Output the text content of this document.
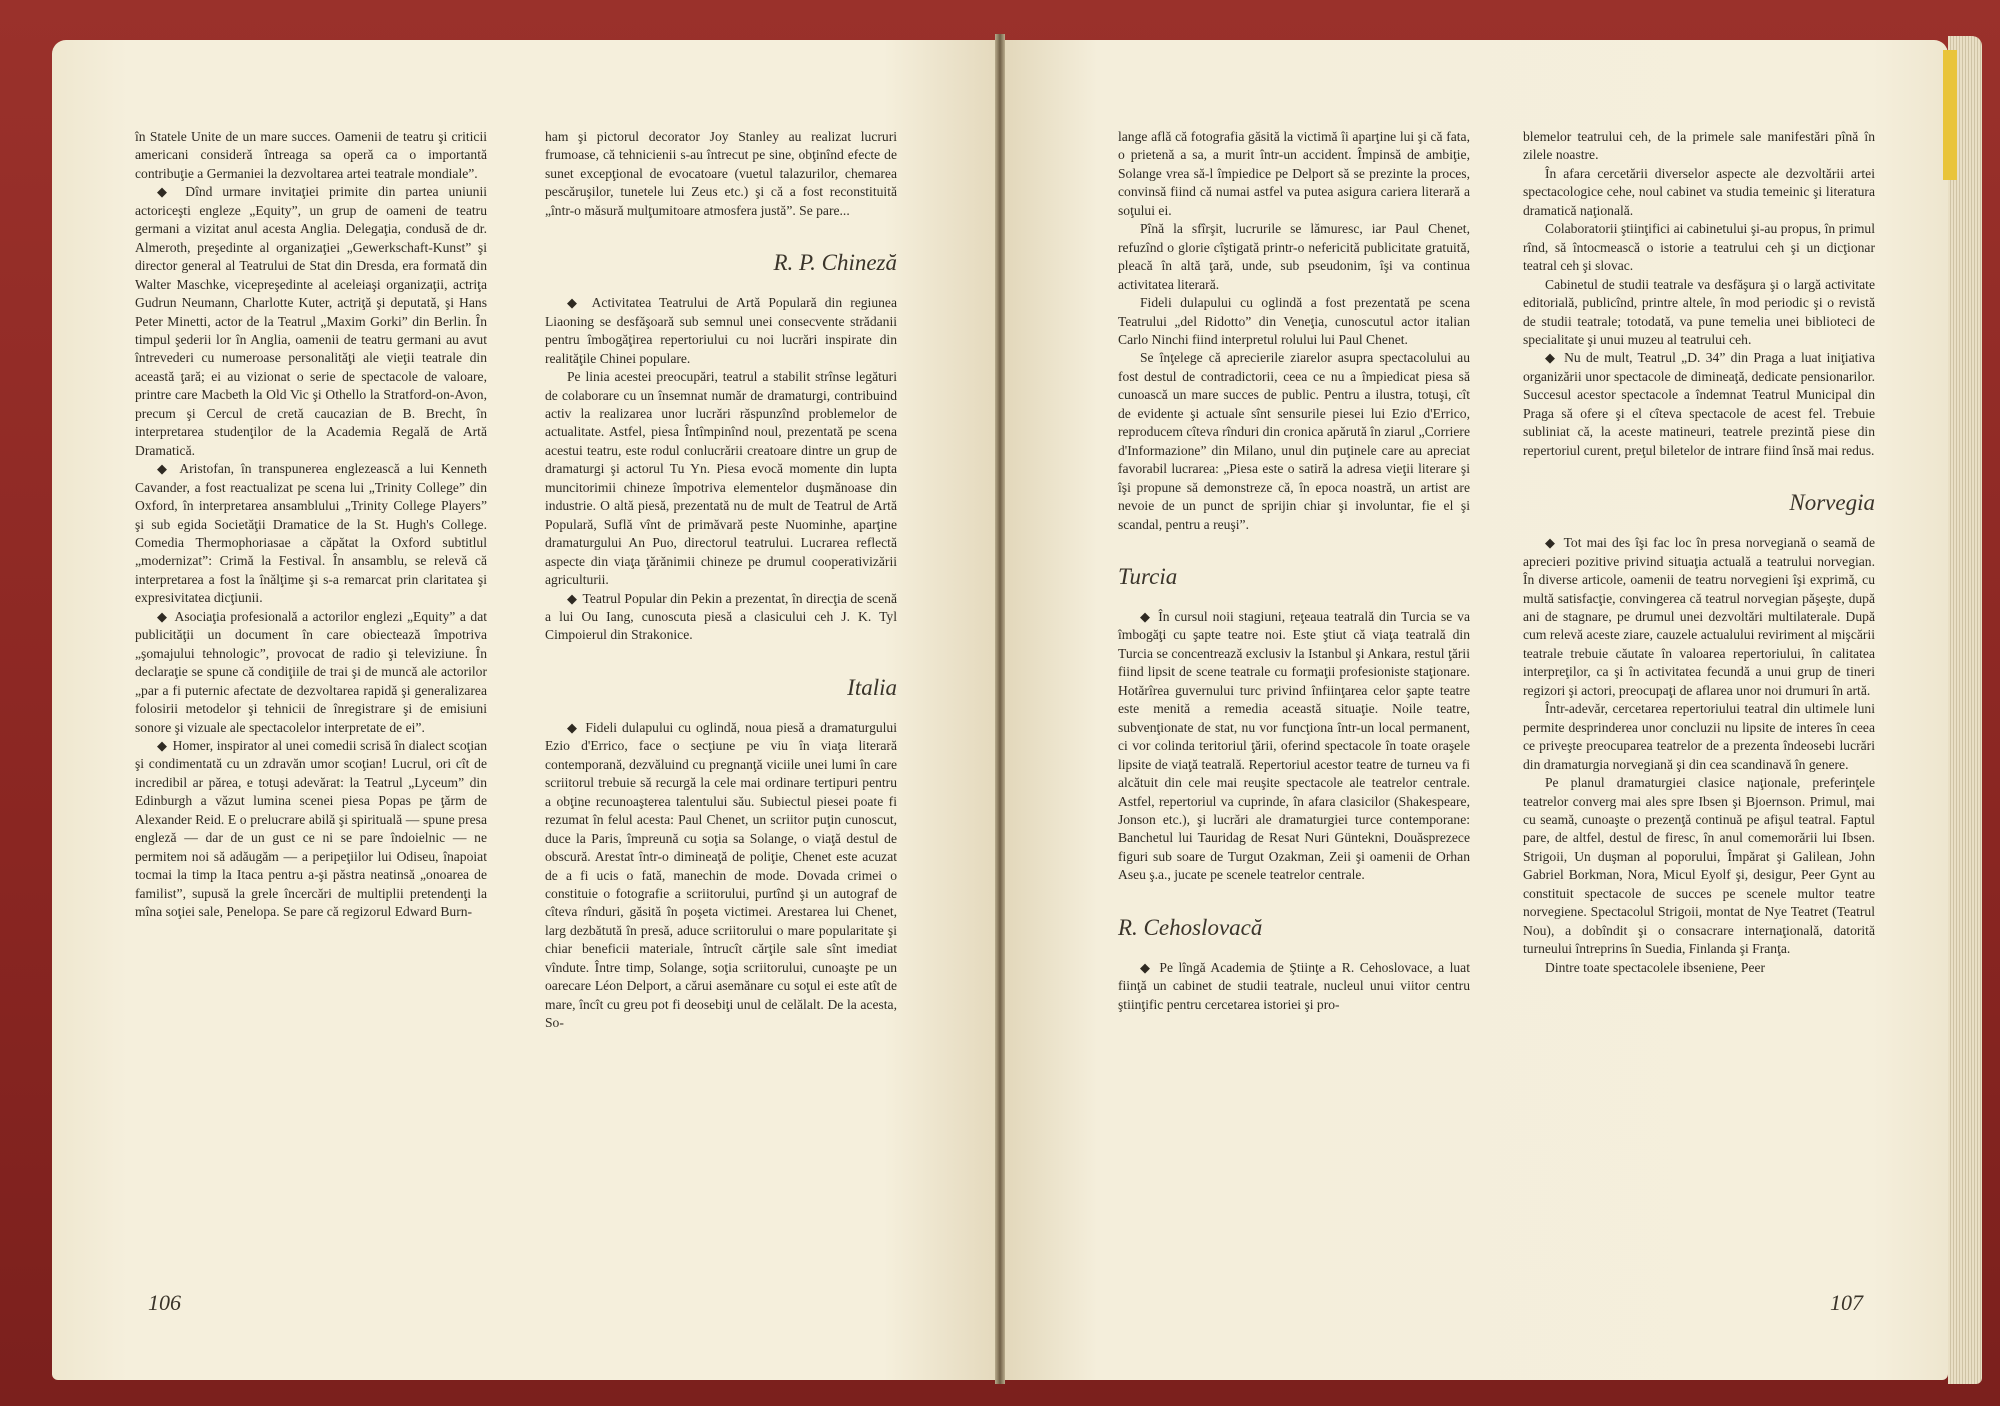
în Statele Unite de un mare succes. Oamenii de teatru şi criticii americani consideră întreaga sa operă ca o importantă contribuţie a Germaniei la dezvoltarea artei teatrale mondiale”.

◆ Dînd urmare invitaţiei primite din partea uniunii actoriceşti engleze „Equity”, un grup de oameni de teatru germani a vizitat anul acesta Anglia. Delegaţia, condusă de dr. Almeroth, preşedinte al organizaţiei „Gewerkschaft-Kunst” şi director general al Teatrului de Stat din Dresda, era formată din Walter Maschke, vicepreşedinte al aceleiaşi organizaţii, actriţa Gudrun Neumann, Charlotte Kuter, actriţă şi deputată, şi Hans Peter Minetti, actor de la Teatrul „Maxim Gorki” din Berlin. În timpul şederii lor în Anglia, oamenii de teatru germani au avut întrevederi cu numeroase personalităţi ale vieţii teatrale din această ţară; ei au vizionat o serie de spectacole de valoare, printre care Macbeth la Old Vic şi Othello la Stratford-on-Avon, precum şi Cercul de cretă caucazian de B. Brecht, în interpretarea studenţilor de la Academia Regală de Artă Dramatică.

◆ Aristofan, în transpunerea englezească a lui Kenneth Cavander, a fost reactualizat pe scena lui „Trinity College” din Oxford, în interpretarea ansamblului „Trinity College Players” şi sub egida Societăţii Dramatice de la St. Hugh's College. Comedia Thermophoriasae a căpătat la Oxford subtitlul „modernizat”: Crimă la Festival. În ansamblu, se relevă că interpretarea a fost la înălţime şi s-a remarcat prin claritatea şi expresivitatea dicţiunii.

◆ Asociaţia profesională a actorilor englezi „Equity” a dat publicităţii un document în care obiectează împotriva „şomajului tehnologic”, provocat de radio şi televiziune. În declaraţie se spune că condiţiile de trai şi de muncă ale actorilor „par a fi puternic afectate de dezvoltarea rapidă şi generalizarea folosirii metodelor şi tehnicii de înregistrare şi de emisiuni sonore şi vizuale ale spectacolelor interpretate de ei”.

◆ Homer, inspirator al unei comedii scrisă în dialect scoţian şi condimentată cu un zdravăn umor scoţian! Lucrul, ori cît de incredibil ar părea, e totuşi adevărat: la Teatrul „Lyceum” din Edinburgh a văzut lumina scenei piesa Popas pe ţărm de Alexander Reid. E o prelucrare abilă şi spirituală — spune presa engleză — dar de un gust ce ni se pare îndoielnic — ne permitem noi să adăugăm — a peripeţiilor lui Odiseu, înapoiat tocmai la timp la Itaca pentru a-şi păstra neatinsă „onoarea de familist”, supusă la grele încercări de multiplii pretendenţi la mîna soţiei sale, Penelopa. Se pare că regizorul Edward Burn-

ham şi pictorul decorator Joy Stanley au realizat lucruri frumoase, că tehnicienii s-au întrecut pe sine, obţinînd efecte de sunet excepţional de evocatoare (vuetul talazurilor, chemarea pescăruşilor, tunetele lui Zeus etc.) şi că a fost reconstituită „într-o măsură mulţumitoare atmosfera justă”. Se pare...

R. P. Chineză

◆ Activitatea Teatrului de Artă Populară din regiunea Liaoning se desfăşoară sub semnul unei consecvente strădanii pentru îmbogăţirea repertoriului cu noi lucrări inspirate din realităţile Chinei populare.

Pe linia acestei preocupări, teatrul a stabilit strînse legături de colaborare cu un însemnat număr de dramaturgi, contribuind activ la realizarea unor lucrări răspunzînd problemelor de actualitate. Astfel, piesa Întîmpinînd noul, prezentată pe scena acestui teatru, este rodul conlucrării creatoare dintre un grup de dramaturgi şi actorul Tu Yn. Piesa evocă momente din lupta muncitorimii chineze împotriva elementelor duşmănoase din industrie. O altă piesă, prezentată nu de mult de Teatrul de Artă Populară, Suflă vînt de primăvară peste Nuominhe, aparţine dramaturgului An Puo, directorul teatrului. Lucrarea reflectă aspecte din viaţa ţărănimii chineze pe drumul cooperativizării agriculturii.

◆ Teatrul Popular din Pekin a prezentat, în direcţia de scenă a lui Ou Iang, cunoscuta piesă a clasicului ceh J. K. Tyl Cimpoierul din Strakonice.

Italia

◆ Fideli dulapului cu oglindă, noua piesă a dramaturgului Ezio d'Errico, face o secţiune pe viu în viaţa literară contemporană, dezvăluind cu pregnanţă viciile unei lumi în care scriitorul trebuie să recurgă la cele mai ordinare tertipuri pentru a obţine recunoaşterea talentului său. Subiectul piesei poate fi rezumat în felul acesta: Paul Chenet, un scriitor puţin cunoscut, duce la Paris, împreună cu soţia sa Solange, o viaţă destul de obscură. Arestat într-o dimineaţă de poliţie, Chenet este acuzat de a fi ucis o fată, manechin de mode. Dovada crimei o constituie o fotografie a scriitorului, purtînd şi un autograf de cîteva rînduri, găsită în poşeta victimei. Arestarea lui Chenet, larg dezbătută în presă, aduce scriitorului o mare popularitate şi chiar beneficii materiale, întrucît cărţile sale sînt imediat vîndute. Între timp, Solange, soţia scriitorului, cunoaşte pe un oarecare Léon Delport, a cărui asemănare cu soţul ei este atît de mare, încît cu greu pot fi deosebiţi unul de celălalt. De la acesta, So-

lange află că fotografia găsită la victimă îi aparţine lui şi că fata, o prietenă a sa, a murit într-un accident. Împinsă de ambiţie, Solange vrea să-l împiedice pe Delport să se prezinte la proces, convinsă fiind că numai astfel va putea asigura cariera literară a soţului ei.

Pînă la sfîrşit, lucrurile se lămuresc, iar Paul Chenet, refuzînd o glorie cîştigată printr-o nefericită publicitate gratuită, pleacă în altă ţară, unde, sub pseudonim, îşi va continua activitatea literară.

Fideli dulapului cu oglindă a fost prezentată pe scena Teatrului „del Ridotto” din Veneţia, cunoscutul actor italian Carlo Ninchi fiind interpretul rolului lui Paul Chenet.

Se înţelege că aprecierile ziarelor asupra spectacolului au fost destul de contradictorii, ceea ce nu a împiedicat piesa să cunoască un mare succes de public. Pentru a ilustra, totuşi, cît de evidente şi actuale sînt sensurile piesei lui Ezio d'Errico, reproducem cîteva rînduri din cronica apărută în ziarul „Corriere d'Informazione” din Milano, unul din puţinele care au apreciat favorabil lucrarea: „Piesa este o satiră la adresa vieţii literare şi îşi propune să demonstreze că, în epoca noastră, un artist are nevoie de un punct de sprijin chiar şi involuntar, fie el şi scandal, pentru a reuşi”.

Turcia

◆ În cursul noii stagiuni, reţeaua teatrală din Turcia se va îmbogăţi cu şapte teatre noi. Este ştiut că viaţa teatrală din Turcia se concentrează exclusiv la Istanbul şi Ankara, restul ţării fiind lipsit de scene teatrale cu formaţii profesioniste staţionare. Hotărîrea guvernului turc privind înfiinţarea celor şapte teatre este menită a remedia această situaţie. Noile teatre, subvenţionate de stat, nu vor funcţiona într-un local permanent, ci vor colinda teritoriul ţării, oferind spectacole în toate oraşele lipsite de viaţă teatrală. Repertoriul acestor teatre de turneu va fi alcătuit din cele mai reuşite spectacole ale teatrelor centrale. Astfel, repertoriul va cuprinde, în afara clasicilor (Shakespeare, Jonson etc.), şi lucrări ale dramaturgiei turce contemporane: Banchetul lui Tauridag de Resat Nuri Güntekni, Douăsprezece figuri sub soare de Turgut Ozakman, Zeii şi oamenii de Orhan Aseu ş.a., jucate pe scenele teatrelor centrale.

R. Cehoslovacă

◆ Pe lîngă Academia de Ştiinţe a R. Cehoslovace, a luat fiinţă un cabinet de studii teatrale, nucleul unui viitor centru ştiinţific pentru cercetarea istoriei şi pro-

blemelor teatrului ceh, de la primele sale manifestări pînă în zilele noastre.

În afara cercetării diverselor aspecte ale dezvoltării artei spectacologice cehe, noul cabinet va studia temeinic şi literatura dramatică naţională.

Colaboratorii ştiinţifici ai cabinetului şi-au propus, în primul rînd, să întocmească o istorie a teatrului ceh şi un dicţionar teatral ceh şi slovac.

Cabinetul de studii teatrale va desfăşura şi o largă activitate editorială, publicînd, printre altele, în mod periodic şi o revistă de studii teatrale; totodată, va pune temelia unei biblioteci de specialitate şi unui muzeu al teatrului ceh.

◆ Nu de mult, Teatrul „D. 34” din Praga a luat iniţiativa organizării unor spectacole de dimineaţă, dedicate pensionarilor. Succesul acestor spectacole a îndemnat Teatrul Municipal din Praga să ofere şi el cîteva spectacole de acest fel. Trebuie subliniat că, la aceste matineuri, teatrele prezintă piese din repertoriul curent, preţul biletelor de intrare fiind însă mai redus.

Norvegia

◆ Tot mai des îşi fac loc în presa norvegiană o seamă de aprecieri pozitive privind situaţia actuală a teatrului norvegian. În diverse articole, oamenii de teatru norvegieni îşi exprimă, cu multă satisfacţie, convingerea că teatrul norvegian păşeşte, după ani de stagnare, pe drumul unei dezvoltări multilaterale. După cum relevă aceste ziare, cauzele actualului reviriment al mişcării teatrale trebuie căutate în valoarea repertoriului, în calitatea interpreţilor, ca şi în activitatea fecundă a unui grup de tineri regizori şi actori, preocupaţi de aflarea unor noi drumuri în artă.

Într-adevăr, cercetarea repertoriului teatral din ultimele luni permite desprinderea unor concluzii nu lipsite de interes în ceea ce priveşte preocuparea teatrelor de a prezenta îndeosebi lucrări din dramaturgia norvegiană şi din cea scandinavă în genere.

Pe planul dramaturgiei clasice naţionale, preferinţele teatrelor converg mai ales spre Ibsen şi Bjoernson. Primul, mai cu seamă, cunoaşte o prezenţă continuă pe afişul teatral. Faptul pare, de altfel, destul de firesc, în anul comemorării lui Ibsen. Strigoii, Un duşman al poporului, Împărat şi Galilean, John Gabriel Borkman, Nora, Micul Eyolf şi, desigur, Peer Gynt au constituit spectacole de succes pe scenele multor teatre norvegiene. Spectacolul Strigoii, montat de Nye Teatret (Teatrul Nou), a dobîndit şi o consacrare internaţională, datorită turneului întreprins în Suedia, Finlanda şi Franţa.

Dintre toate spectacolele ibseniene, Peer

106	107
